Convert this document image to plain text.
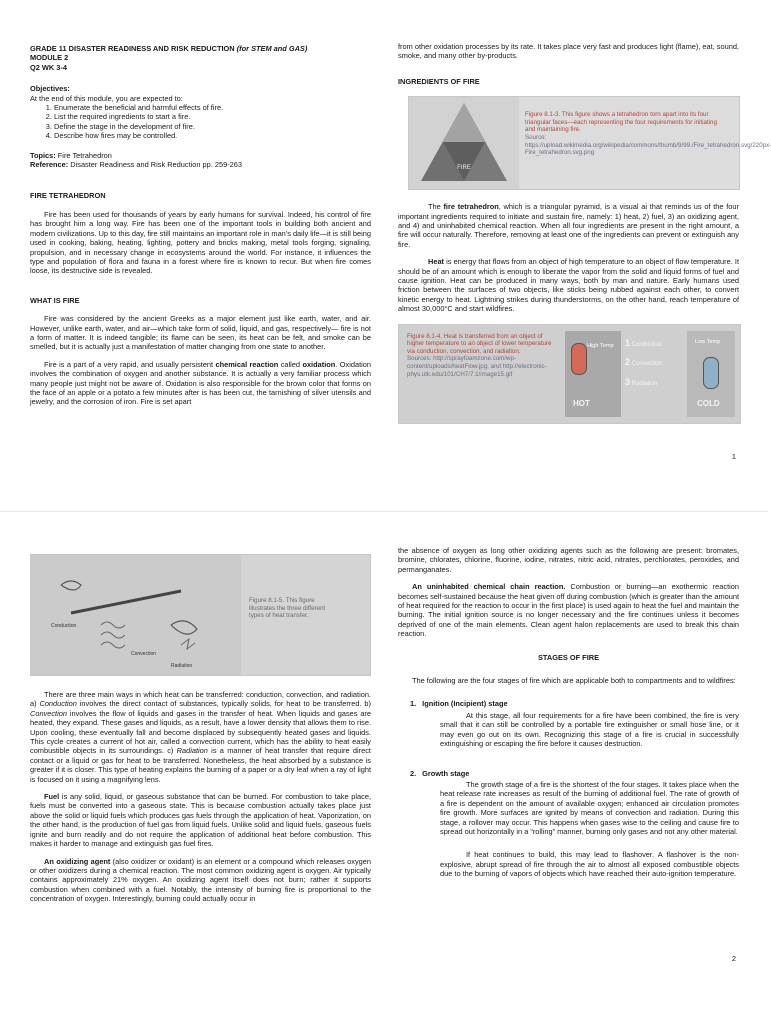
GRADE 11 DISASTER READINESS AND RISK REDUCTION (for STEM and GAS)
MODULE 2
Q2 WK 3-4
Objectives:
At the end of this module, you are expected to:
1. Enumerate the beneficial and harmful effects of fire.
2. List the required ingredients to start a fire.
3. Define the stage in the development of fire.
4. Describe how fires may be controlled.
Topics: Fire Tetrahedron
Reference: Disaster Readiness and Risk Reduction pp. 259-263
FIRE TETRAHEDRON

Fire has been used for thousands of years by early humans for survival. Indeed, his control of fire has brought him a long way. Fire has been one of the important tools in building both ancient and modern civilizations. Up to this day, fire still maintains an important role in man's daily life—it is still being used in cooking, baking, heating, lighting, pottery and bricks making, metal tools forging, signaling, propulsion, and in necessary change in ecosystems around the world. For instance, it influences the type and population of flora and fauna in a forest where fire is known to recur. But when fire comes loose, its destructive side is revealed.

WHAT IS FIRE

Fire was considered by the ancient Greeks as a major element just like earth, water, and air. However, unlike earth, water, and air—which take form of solid, liquid, and gas, respectively— fire is not a form of matter. It is indeed tangible; its flame can be seen, its heat can be felt, and smoke can be smelled, but it is actually just a manifestation of matter changing from one state to another.

Fire is a part of a very rapid, and usually persistent chemical reaction called oxidation. Oxidation involves the combination of oxygen and another substance. It is actually a very familiar process which many people just might not be aware of. Oxidation is also responsible for the brown color that forms on the face of an apple or a potato a few minutes after is has been cut, the tarnishing of silver utensils and jewelry, and the corrosion of iron. Fire is set apart

from other oxidation processes by its rate. It takes place very fast and produces light (flame), eat, sound, smoke, and many other by-products.

INGREDIENTS OF FIRE
FIRE
Figure 8.1-3. This figure shows a tetrahedron torn apart into its four triangular faces—each representing the four requirements for initiating and maintaining fire.
Source: https://upload.wikimedia.org/wikipedia/commons/thumb/9/99./Fire_tetrahedron.svg/220px-Fire_tetrahedron.svg.png

The fire tetrahedron, which is a triangular pyramid, is a visual ai that reminds us of the four important ingredients required to initiate and sustain fire, namely: 1) heat, 2) fuel, 3) an oxidizing agent, and 4) and uninhabited chemical reaction. When all four ingredients are present in the right amount, a fire will occur naturally. Therefore, removing at least one of the ingredients can prevent or extinguish any fire.

Heat is energy that flows from an object of high temperature to an object of flow temperature. It should be of an amount which is enough to liberate the vapor from the solid and liquid forms of fuel and cause ignition. Heat can be produced in many ways, both by man and nature. Early humans used friction between the surfaces of two objects, like sticks being rubbed against each other, to convert kinetic energy to heat. Lightning strikes during thunderstorms, on the other hand, reach temperature of almost 30,000°C and start wildfires.

Figure 8.1-4. Heat is transferred from an object of higher temperature to an object of lower temperature via conduction, convection, and radiation.
Sources: http://sprayfoamzone.com/wp-content/uploads/heatFlow.jpg; and http://electronic-phys.utk.edu/101/CH7/7.1/image15.gif
High Temp
HOT
1 Conduction
2 Convection
3 Radiation
Low Temp
COLD
1
Conduction
Convection
Radiation
Figure 8.1-5. This figure illustrates the three different types of heat transfer.

There are three main ways in which heat can be transferred: conduction, convection, and radiation. a) Conduction involves the direct contact of substances, typically solids, for heat to be transferred. b) Convection involves the flow of liquids and gases in the transfer of heat. When liquids and gases are heated, they expand. These gases and liquids, as a result, have a lower density that allows them to rise. Upon cooling, these eventually fall and become displaced by subsequently heated gases and liquids. This cycle creates a current of hot air, called a convection current, which has the ability to heat easily combustible objects in its surroundings. c) Radiation is a manner of heat transfer that require direct contact or a liquid or gas for heat to be transferred. Nonetheless, the heat absorbed by a substance is greater if it is closer. This type of heating explains the burning of a paper or a dry leaf when a ray of light is focused on it using a magnifying lens.

Fuel is any solid, liquid, or gaseous substance that can be burned. For combustion to take place, fuels must be converted into a gaseous state. This is because combustion actually takes place just above the solid or liquid fuels which produces gas fuels through the application of heat. Vaporization, on the other hand, is the production of fuel gas from liquid fuels. Unlike solid and liquid fuels, gaseous fuels ignite and burn readily and do not require the application of additional heat before combustion. This makes it harder to manage and extinguish gas fuel fires.

An oxidizing agent (also oxidizer or oxidant) is an element or a compound which releases oxygen or other oxidizers during a chemical reaction. The most common oxidizing agent is oxygen. Air typically contains approximately 21% oxygen. An oxidizing agent itself does not burn; rather it supports combustion when combined with a fuel. Notably, the intensity of burning fire is proportional to the concentration of oxygen. Interestingly, burning could actually occur in

the absence of oxygen as long other oxidizing agents such as the following are present: bromates, bromine, chlorates, chlorine, fluorine, iodine, nitrates, nitric acid, nitrates, perchlorates, peroxides, and permanganates.

An uninhabited chemical chain reaction. Combustion or burning—an exothermic reaction becomes self-sustained because the heat given off during combustion (which is greater than the amount of heat required for the reaction to occur in the first place) is used again to heat the fuel and maintain the burning. The initial ignition source is no longer necessary and the fire continues unless it becomes deprived of one of the main elements. Clean agent halon replacements are used to break this chain reaction.

STAGES OF FIRE

The following are the four stages of fire which are applicable both to compartments and to wildfires:

1. Ignition (Incipient) stage
At this stage, all four requirements for a fire have been combined, the fire is very small that it can still be controlled by a portable fire extinguisher or small hose line, or it may even go out on its own. Recognizing this stage of a fire is crucial in successfully extinguishing or escaping the fire before it causes destruction.
2. Growth stage
The growth stage of a fire is the shortest of the four stages. It takes place when the heat release rate increases as result of the burning of additional fuel. The rate of growth of a fire is dependent on the amount of available oxygen; enhanced air circulation promotes fire growth. More surfaces are ignited by means of convection and radiation. During this stage, a rollover may occur. This happens when gases wise to the ceiling and cause fire to spread out horizontally in a “rolling” manner, burning only gases and not any other material.
If heat continues to build, this may lead to flashover. A flashover is the non-explosive, abrupt spread of fire through the air to almost all exposed combustible objects due to the burning of vapors of objects which have reached their auto-ignition temperature.
2
